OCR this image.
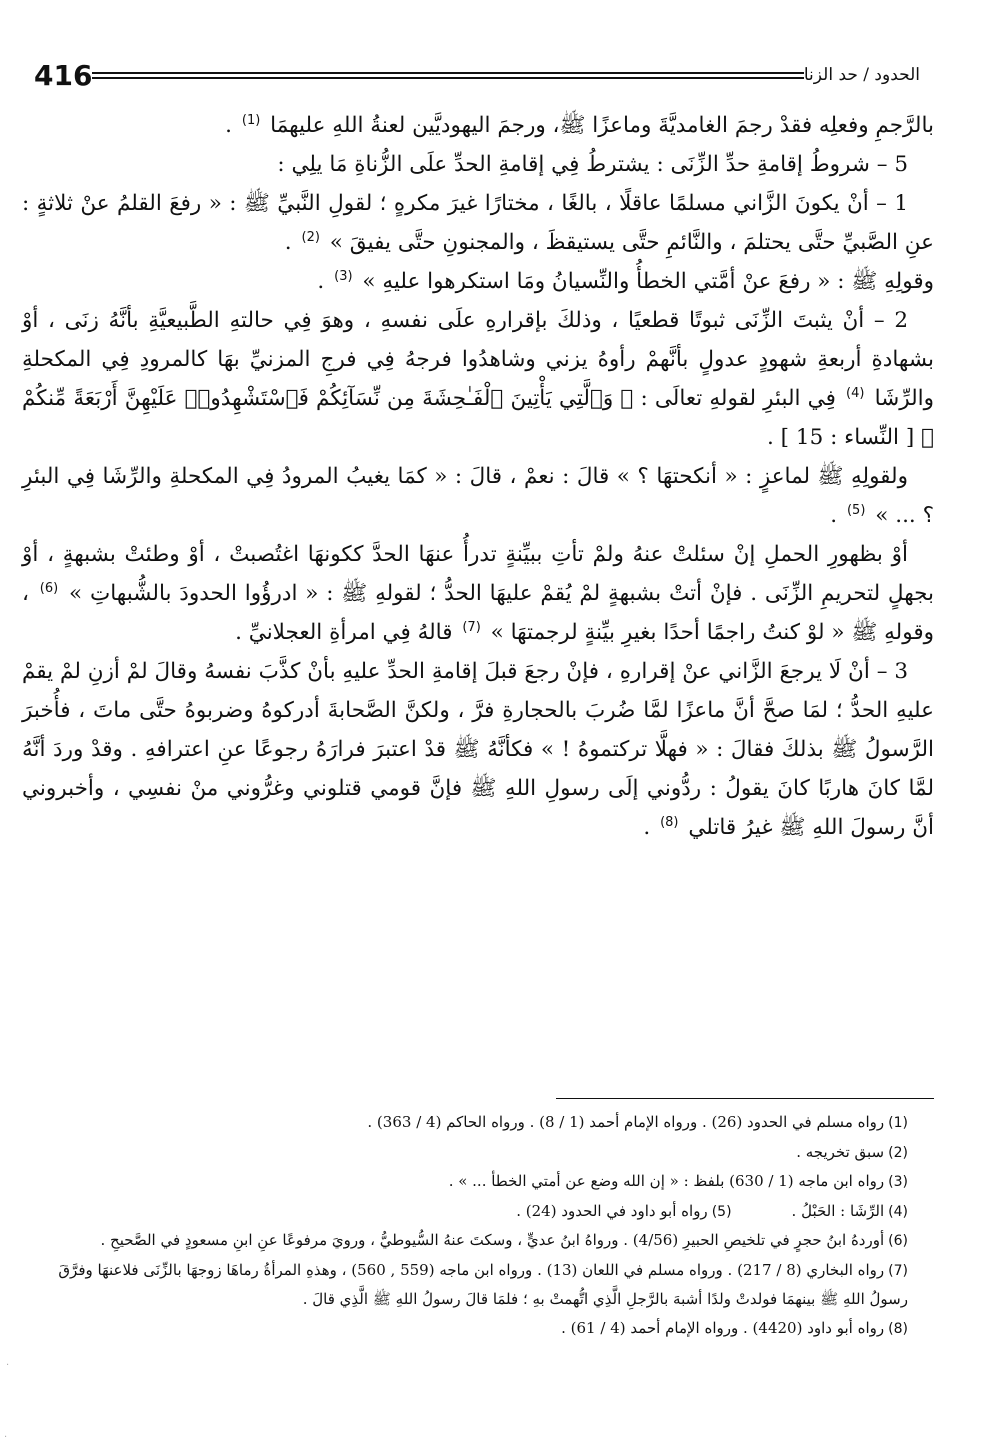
الحدود / حد الزنا
416

بالرَّجمِ وفعلِه فقدْ رجمَ الغامديَّةَ وماعزًا ﷺ، ورجمَ اليهوديَّين لعنةُ اللهِ عليهمَا $^{(1)}$ .

5 – شروطُ إقامةِ حدِّ الزِّنَى : يشترطُ فِي إقامةِ الحدِّ علَى الزُّناةِ مَا يلِي :

1 – أنْ يكونَ الزَّاني مسلمًا عاقلًا ، بالغًا ، مختارًا غيرَ مكرهٍ ؛ لقولِ النَّبيِّ ﷺ : « رفعَ القلمُ عنْ ثلاثةٍ : عنِ الصَّبيِّ حتَّى يحتلمَ ، والنَّائمِ حتَّى يستيقظَ ، والمجنونِ حتَّى يفيقَ » $^{(2)}$ .

وقولِهِ ﷺ : « رفعَ عنْ أمَّتي الخطأُ والنِّسيانُ ومَا استكرهوا عليهِ » $^{(3)}$ .

2 – أنْ يثبتَ الزِّنَى ثبوتًا قطعيًا ، وذلكَ بإقرارهِ علَى نفسهِ ، وهوَ فِي حالتهِ الطَّبيعيَّةِ بأنَّهُ زنَى ، أوْ بشهادةِ أربعةِ شهودٍ عدولٍ بأنَّهمْ رأوهُ يزني وشاهدُوا فرجهُ فِي فرجِ المزنيِّ بهَا كالمرودِ فِي المكحلةِ والرِّشَا $^{(4)}$ فِي البئرِ لقولهِ تعالَى : ﴿ وَٱلَّتِي يَأْتِينَ ٱلْفَـٰحِشَةَ مِن نِّسَآئِكُمْ فَٱسْتَشْهِدُوا۟ عَلَيْهِنَّ أَرْبَعَةً مِّنكُمْ ﴾ [ النِّساء : 15 ] .

ولقولِهِ ﷺ لماعزٍ : « أنكحتهَا ؟ » قالَ : نعمْ ، قالَ : « كمَا يغيبُ المرودُ فِي المكحلةِ والرِّشَا فِي البئرِ ؟ ... » $^{(5)}$ .

أوْ بظهورِ الحملِ إنْ سئلتْ عنهُ ولمْ تأتِ ببيِّنةٍ تدرأُ عنهَا الحدَّ ككونهَا اغتُصبتْ ، أوْ وطئتْ بشبهةٍ ، أوْ بجهلٍ لتحريمِ الزِّنَى . فإنْ أتتْ بشبهةٍ لمْ يُقمْ عليهَا الحدُّ ؛ لقولهِ ﷺ : « ادرؤُوا الحدودَ بالشُّبهاتِ » $^{(6)}$ ، وقولهِ ﷺ « لوْ كنتُ راجمًا أحدًا بغيرِ بيِّنةٍ لرجمتهَا » $^{(7)}$ قالهُ فِي امرأةِ العجلانيِّ .

3 – أنْ لَا يرجعَ الزَّاني عنْ إقرارهِ ، فإنْ رجعَ قبلَ إقامةِ الحدِّ عليهِ بأنْ كذَّبَ نفسهُ وقالَ لمْ أزنِ لمْ يقمْ عليهِ الحدُّ ؛ لمَا صحَّ أنَّ ماعزًا لمَّا ضُربَ بالحجارةِ فرَّ ، ولكنَّ الصَّحابةَ أدركوهُ وضربوهُ حتَّى ماتَ ، فأُخبرَ الرَّسولُ ﷺ بذلكَ فقالَ : « فهلَّا تركتموهُ ! » فكأنَّهُ ﷺ قدْ اعتبرَ فرارَهُ رجوعًا عنِ اعترافهِ . وقدْ وردَ أنَّهُ لمَّا كانَ هاربًا كانَ يقولُ : ردُّوني إلَى رسولِ اللهِ ﷺ فإنَّ قومي قتلوني وغرُّوني منْ نفسِي ، وأخبروني أنَّ رسولَ اللهِ ﷺ غيرُ قاتلي $^{(8)}$ .

(1)رواه مسلم في الحدود (26) . ورواه الإمام أحمد (1 / 8) . ورواه الحاكم (4 / 363) .

(2)سبق تخريجه .

(3)رواه ابن ماجه (1 / 630) بلفظ : « إن الله وضع عن أمتي الخطأ ... » .

(4)الرِّشَا : الحَبْلُ .
(5)رواه أبو داود في الحدود (24) .

(6)أوردهُ ابنُ حجرٍ في تلخيصِ الحبيرِ (4/56) . ورواهُ ابنُ عديٍّ ، وسكتَ عنهُ السُّيوطيُّ ، ورويَ مرفوعًا عنِ ابنِ مسعودٍ في الصَّحيحِ .

(7)رواه البخاري (8 / 217) . ورواه مسلم في اللعان (13) . ورواه ابن ماجه (559 , 560) ، وهذهِ المرأةُ رماهَا زوجهَا بالزِّنَى فلاعنهَا وفرَّقَ رسولُ اللهِ ﷺ بينهمَا فولدتْ ولدًا أشبهَ بالرَّجلِ الَّذِي اتُّهمتْ بهِ ؛ فلمَا قالَ رسولُ اللهِ ﷺ الَّذِي قالَ .

(8)رواه أبو داود (4420) . ورواه الإمام أحمد (4 / 61) .

·
·
